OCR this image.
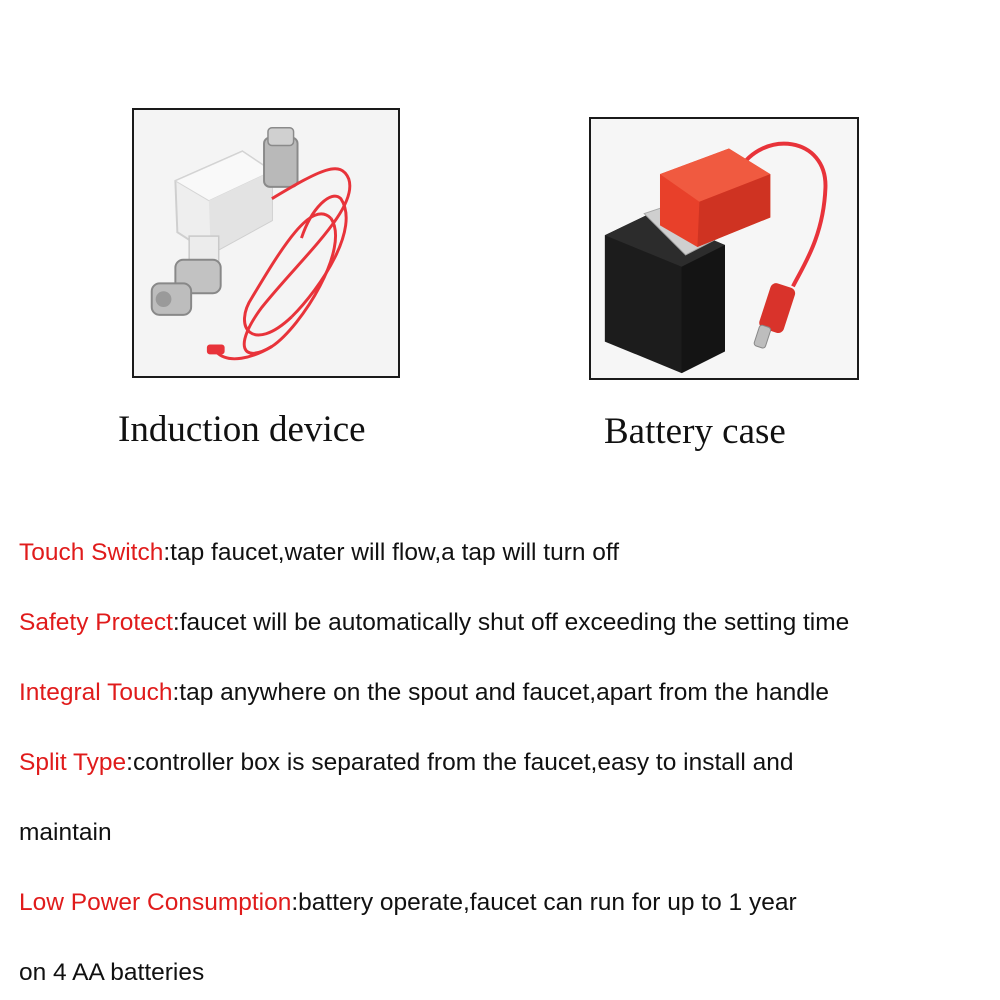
Induction device	Battery case
Touch Switch:tap faucet,water will flow,a tap will turn off
Safety Protect:faucet will be automatically shut off exceeding the setting time
Integral Touch:tap anywhere on the spout and faucet,apart from the handle
Split Type:controller box is separated from the faucet,easy to install and
maintain
Low Power Consumption:battery operate,faucet can run for up to 1 year
on 4 AA batteries
